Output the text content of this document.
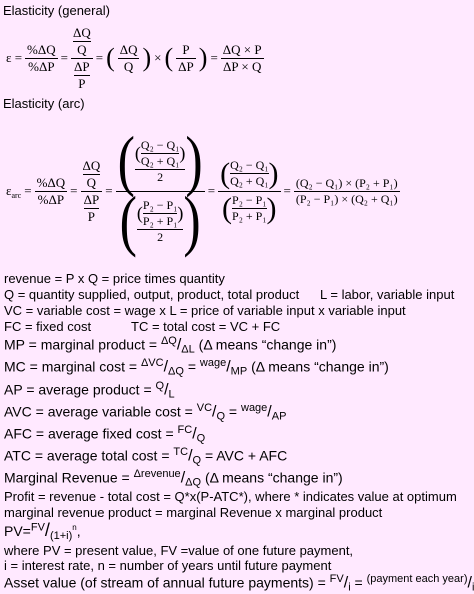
Elasticity (general)
$\varepsilon = \frac{\%\Delta Q}{\%\Delta P} = \frac{\frac{\Delta Q}{Q}}{\frac{\Delta P}{P}}$ = ( $\frac{\Delta Q}{Q}$ ) × ( $\frac{P}{\Delta P}$ ) = $\frac{\Delta Q \times P}{\Delta P \times Q}$
Elasticity (arc)
$\varepsilon_{arc} = \frac{\%\Delta Q}{\%\Delta P} = \frac{\frac{\Delta Q}{Q}}{\frac{\Delta P}{P}}$ = ( $\frac{( \frac{\text{Q₂ − Q₁}}{\text{Q₂ + Q₁}} )}{2}$ )
( $\frac{( \frac{\text{P₂ − P₁}}{\text{P₂ + P₁}} )}{2}$ ) = $\frac{( \frac{\text{Q₂ − Q₁}}{\text{Q₂ + Q₁}} )}{( \frac{\text{P₂ − P₁}}{\text{P₂ + P₁}} )} = \frac{\text{(Q₂ − Q₁) × (P₂ + P₁)}}{\text{(P₂ − P₁) × (Q₂ + Q₁)}}$
revenue = P x Q = price times quantity
Q = quantity supplied, output, product, total product L = labor, variable input
VC = variable cost = wage x L = price of variable input x variable input
FC = fixed cost	TC = total cost = VC + FC
MP = marginal product = $^{\Delta Q}/_{\Delta L}$ (Δ means “change in”)
MC = marginal $\cos t = ^{\Delta VC}/_{\Delta Q} = ^{wage}/_{MP}$ (Δ means “change in”)
AP = average product = $^Q/_L$
AVC = average variable $\cos t = ^{VC}/_Q = ^{wage}/_{AP}$
AFC = average fixed $\cos t = ^{FC}/_Q$
ATC = average total $\cos t = ^{TC}/_Q$ = AVC + AFC
Marginal Revenue = $^{\Delta revenue}/_{\Delta Q}$ (Δ means “change in”)
Profit = revenue - total cost = Q*x(P-ATC*), where * indicates value at optimum
marginal revenue product = marginal Revenue x marginal product
$PV=^{FV}/_{(1+i)}^n$,
where PV = present value, FV =value of one future payment,
i = interest rate, n = number of years until future payment
Asset value (of stream of annual future payments) = $^{FV}/_i = ^{(payment each year)}/_i$
